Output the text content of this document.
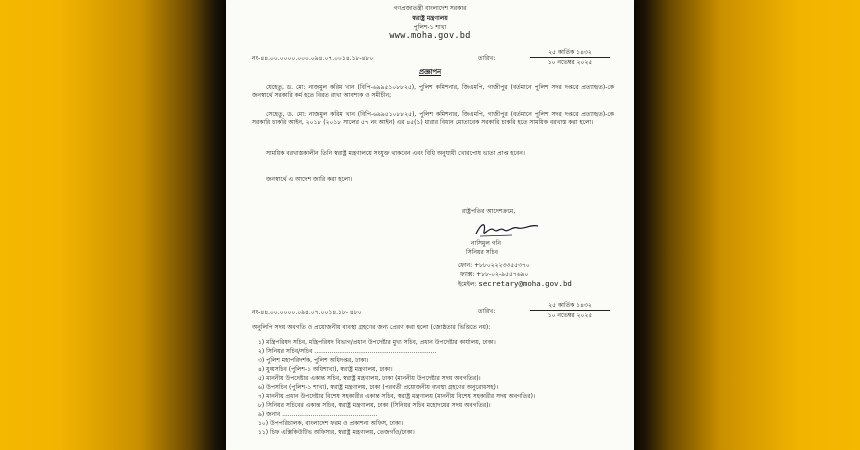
গণপ্রজাতন্ত্রী বাংলাদেশ সরকার
স্বরাষ্ট্র মন্ত্রণালয়
পুলিশ-১ শাখা
www.moha.gov.bd
নং-৪৪.০০.০০০০.০০০.০৯৪.০৭.০০১৪.১৮-৪৮০	তারিখ:
২৫ কার্তিক ১৪৩২
১০ নভেম্বর ২০২৫
প্রজ্ঞাপন
যেহেতু, ড. মো: নাজমুল করিম খান (বিপি-৬৯৯৫১০৮৮২৫), পুলিশ কমিশনার, জিএমপি, গাজীপুর (বর্তমানে পুলিশ সদর দপ্তরে প্রত্যাহৃত)-কে জনস্বার্থে সরকারি কর্ম হতে বিরত রাখা আবশ্যক ও সমীচীন;
সেহেতু, ড. মো: নাজমুল করিম খান (বিপি-৬৯৯৫১০৮৮২৫), পুলিশ কমিশনার, জিএমপি, গাজীপুর (বর্তমানে পুলিশ সদর দপ্তরে প্রত্যাহৃত)-কে সরকারি চাকরি আইন, ২০১৮ (২০১৮ সালের ৫৭ নং আইন) এর ৪৫(১) ধারার বিধান মোতাবেক সরকারি চাকরি হতে সাময়িক বরখাস্ত করা হলো।
সাময়িক বরখাস্তকালীন তিনি স্বরাষ্ট্র মন্ত্রণালয়ে সংযুক্ত থাকবেন এবং বিধি অনুযায়ী খোরপোষ ভাতা প্রাপ্ত হবেন।
জনস্বার্থে এ আদেশ জারি করা হলো।
রাষ্ট্রপতির আদেশক্রমে,
নাসিমুল গনি
সিনিয়র সচিব
ফোন: +৮৮০২২২৩৩৫৫৩৭০
ফ্যাক্স: +৮৮-০২-৯৫৫৭৬৯০
ইমেইল: secretary@moha.gov.bd
নং-৪৪.০০.০০০০.০৯৪.০৭.০০১৪.১৮- ৪৮০	তারিখ:
২৫ কার্তিক ১৪৩২
১০ নভেম্বর ২০২৫
অনুলিপি সদয় অবগতি ও প্রয়োজনীয় ব্যবস্থা গ্রহণের জন্য প্রেরণ করা হলো (জ্যেষ্ঠতার ভিত্তিতে নয়):
১) মন্ত্রিপরিষদ সচিব, মন্ত্রিপরিষদ বিভাগ/প্রধান উপদেষ্টার মুখ্য সচিব, প্রধান উপদেষ্টার কার্যালয়, ঢাকা।
২) সিনিয়র সচিব/সচিব ................................................................
৩) পুলিশ মহাপরিদর্শক, পুলিশ অধিদপ্তর, ঢাকা।
৪) যুগ্মসচিব (পুলিশ-১ অধিশাখা), স্বরাষ্ট্র মন্ত্রণালয়, ঢাকা।
৫) মাননীয় উপদেষ্টার একান্ত সচিব, স্বরাষ্ট্র মন্ত্রণালয়, ঢাকা (মাননীয় উপদেষ্টার সদয় অবগতির)।
৬) উপসচিব (পুলিশ-১ শাখা), স্বরাষ্ট্র মন্ত্রণালয়, ঢাকা (পরবর্তী প্রয়োজনীয় ব্যবস্থা গ্রহণের অনুরোধসহ)।
৭) মাননীয় প্রধান উপদেষ্টার বিশেষ সহকারীর একান্ত সচিব, স্বরাষ্ট্র মন্ত্রণালয় (মাননীয় বিশেষ সহকারীর সদয় অবগতির)।
৮) সিনিয়র সচিবের একান্ত সচিব, স্বরাষ্ট্র মন্ত্রণালয়, ঢাকা (সিনিয়র সচিব মহোদয়ের সদয় অবগতির)।
৯) জনাব ..................................................
১০) উপপরিচালক, বাংলাদেশ ফরম ও প্রকাশনা অফিস, ঢাকা।
১১) চিফ এক্সিকিউটিভ অফিসার, স্বরাষ্ট্র মন্ত্রণালয়, তেজগাঁও/ঢাকা।
